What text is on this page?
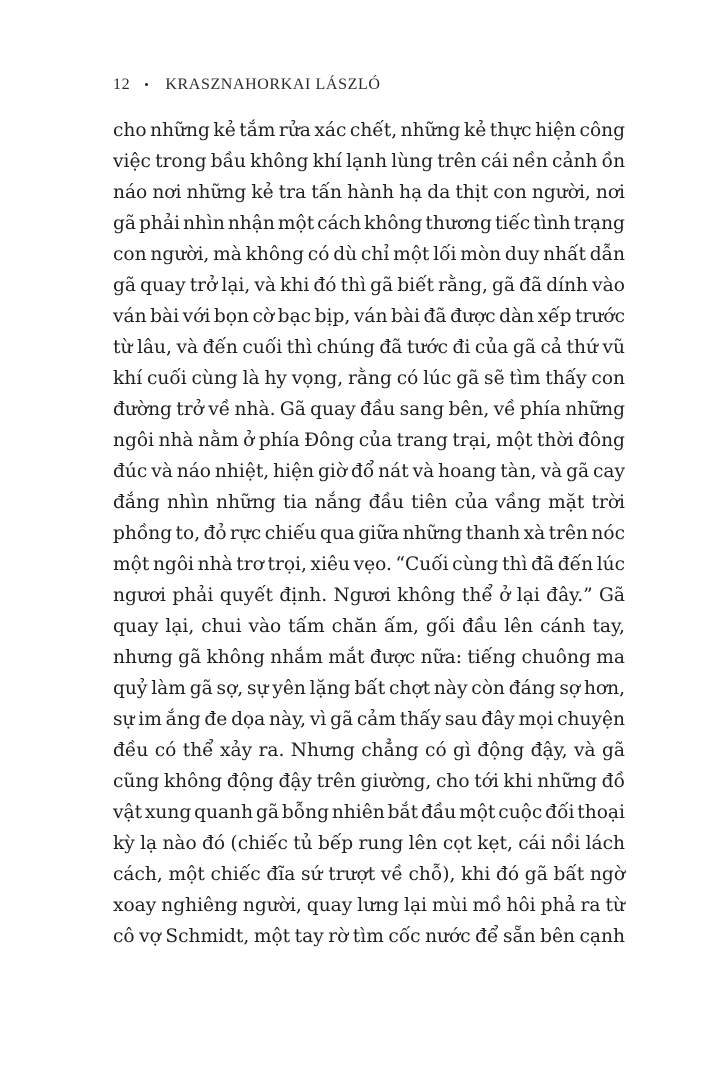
12 • KRASZNAHORKAI LÁSZLÓ
cho những kẻ tắm rửa xác chết, những kẻ thực hiện công
việc trong bầu không khí lạnh lùng trên cái nền cảnh ồn
náo nơi những kẻ tra tấn hành hạ da thịt con người, nơi
gã phải nhìn nhận một cách không thương tiếc tình trạng
con người, mà không có dù chỉ một lối mòn duy nhất dẫn
gã quay trở lại, và khi đó thì gã biết rằng, gã đã dính vào
ván bài với bọn cờ bạc bịp, ván bài đã được dàn xếp trước
từ lâu, và đến cuối thì chúng đã tước đi của gã cả thứ vũ
khí cuối cùng là hy vọng, rằng có lúc gã sẽ tìm thấy con
đường trở về nhà. Gã quay đầu sang bên, về phía những
ngôi nhà nằm ở phía Đông của trang trại, một thời đông
đúc và náo nhiệt, hiện giờ đổ nát và hoang tàn, và gã cay
đắng nhìn những tia nắng đầu tiên của vầng mặt trời
phồng to, đỏ rực chiếu qua giữa những thanh xà trên nóc
một ngôi nhà trơ trọi, xiêu vẹo. “Cuối cùng thì đã đến lúc
ngươi phải quyết định. Ngươi không thể ở lại đây.” Gã
quay lại, chui vào tấm chăn ấm, gối đầu lên cánh tay,
nhưng gã không nhắm mắt được nữa: tiếng chuông ma
quỷ làm gã sợ, sự yên lặng bất chợt này còn đáng sợ hơn,
sự im ắng đe dọa này, vì gã cảm thấy sau đây mọi chuyện
đều có thể xảy ra. Nhưng chẳng có gì động đậy, và gã
cũng không động đậy trên giường, cho tới khi những đồ
vật xung quanh gã bỗng nhiên bắt đầu một cuộc đối thoại
kỳ lạ nào đó (chiếc tủ bếp rung lên cọt kẹt, cái nồi lách
cách, một chiếc đĩa sứ trượt về chỗ), khi đó gã bất ngờ
xoay nghiêng người, quay lưng lại mùi mồ hôi phả ra từ
cô vợ Schmidt, một tay rờ tìm cốc nước để sẵn bên cạnh
